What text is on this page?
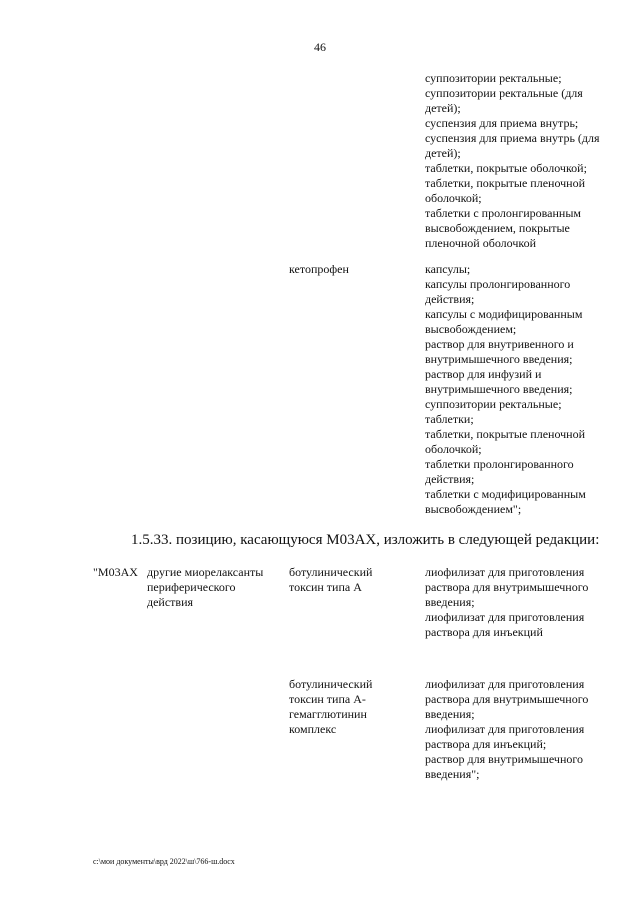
46
суппозитории ректальные;
суппозитории ректальные (для детей);
суспензия для приема внутрь;
суспензия для приема внутрь (для детей);
таблетки, покрытые оболочкой;
таблетки, покрытые пленочной оболочкой;
таблетки с пролонгированным высвобождением, покрытые пленочной оболочкой
кетопрофен	капсулы;
капсулы пролонгированного действия;
капсулы с модифицированным высвобождением;
раствор для внутривенного и внутримышечного введения;
раствор для инфузий и внутримышечного введения;
суппозитории ректальные;
таблетки;
таблетки, покрытые пленочной оболочкой;
таблетки пролонгированного действия;
таблетки с модифицированным высвобождением";
1.5.33. позицию, касающуюся М03АХ, изложить в следующей редакции:
"М03АХ другие миорелаксанты периферического действия
ботулинический токсин типа А
лиофилизат для приготовления раствора для внутримышечного введения;
лиофилизат для приготовления раствора для инъекций
ботулинический токсин типа А-гемагглютинин комплекс
лиофилизат для приготовления раствора для внутримышечного введения;
лиофилизат для приготовления раствора для инъекций;
раствор для внутримышечного введения";
c:\мои документы\врд 2022\ш\766-ш.docx
